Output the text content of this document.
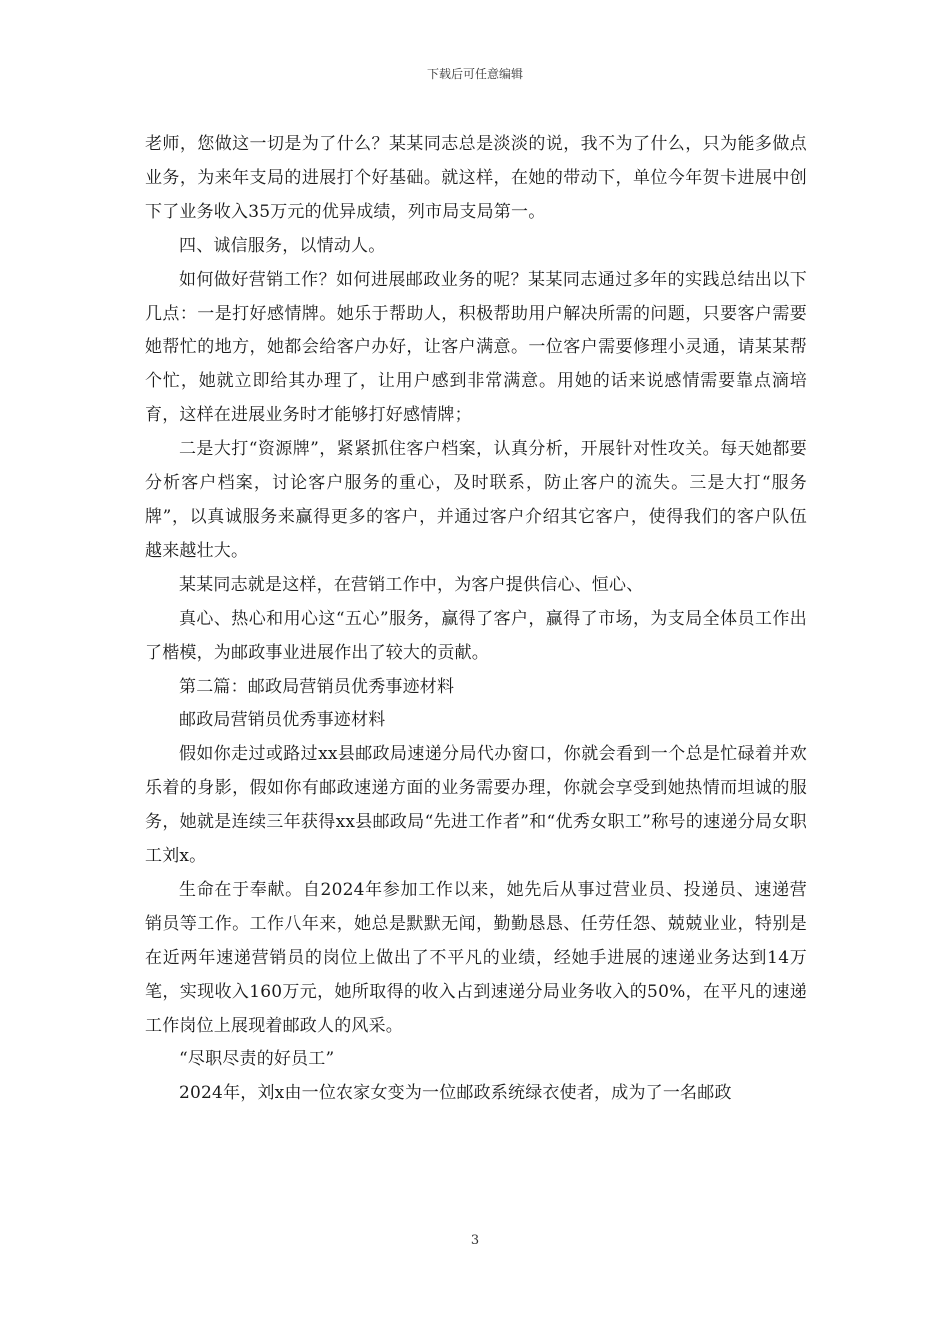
下载后可任意编辑

老师，您做这一切是为了什么？某某同志总是淡淡的说，我不为了什么，只为能多做点业务，为来年支局的进展打个好基础。就这样，在她的带动下，单位今年贺卡进展中创下了业务收入35万元的优异成绩，列市局支局第一。

四、诚信服务，以情动人。

如何做好营销工作？如何进展邮政业务的呢？某某同志通过多年的实践总结出以下几点：一是打好感情牌。她乐于帮助人，积极帮助用户解决所需的问题，只要客户需要她帮忙的地方，她都会给客户办好，让客户满意。一位客户需要修理小灵通，请某某帮个忙，她就立即给其办理了，让用户感到非常满意。用她的话来说感情需要靠点滴培育，这样在进展业务时才能够打好感情牌；

二是大打“资源牌”，紧紧抓住客户档案，认真分析，开展针对性攻关。每天她都要分析客户档案，讨论客户服务的重心，及时联系，防止客户的流失。三是大打“服务牌”，以真诚服务来赢得更多的客户，并通过客户介绍其它客户，使得我们的客户队伍越来越壮大。

某某同志就是这样，在营销工作中，为客户提供信心、恒心、

真心、热心和用心这“五心”服务，赢得了客户，赢得了市场，为支局全体员工作出了楷模，为邮政事业进展作出了较大的贡献。

第二篇：邮政局营销员优秀事迹材料

邮政局营销员优秀事迹材料

假如你走过或路过xx县邮政局速递分局代办窗口，你就会看到一个总是忙碌着并欢乐着的身影，假如你有邮政速递方面的业务需要办理，你就会享受到她热情而坦诚的服务，她就是连续三年获得xx县邮政局“先进工作者”和“优秀女职工”称号的速递分局女职工刘x。

生命在于奉献。自2024年参加工作以来，她先后从事过营业员、投递员、速递营销员等工作。工作八年来，她总是默默无闻，勤勤恳恳、任劳任怨、兢兢业业，特别是在近两年速递营销员的岗位上做出了不平凡的业绩，经她手进展的速递业务达到14万笔，实现收入160万元，她所取得的收入占到速递分局业务收入的50%，在平凡的速递工作岗位上展现着邮政人的风采。

“尽职尽责的好员工”

2024年，刘x由一位农家女变为一位邮政系统绿衣使者，成为了一名邮政

3
